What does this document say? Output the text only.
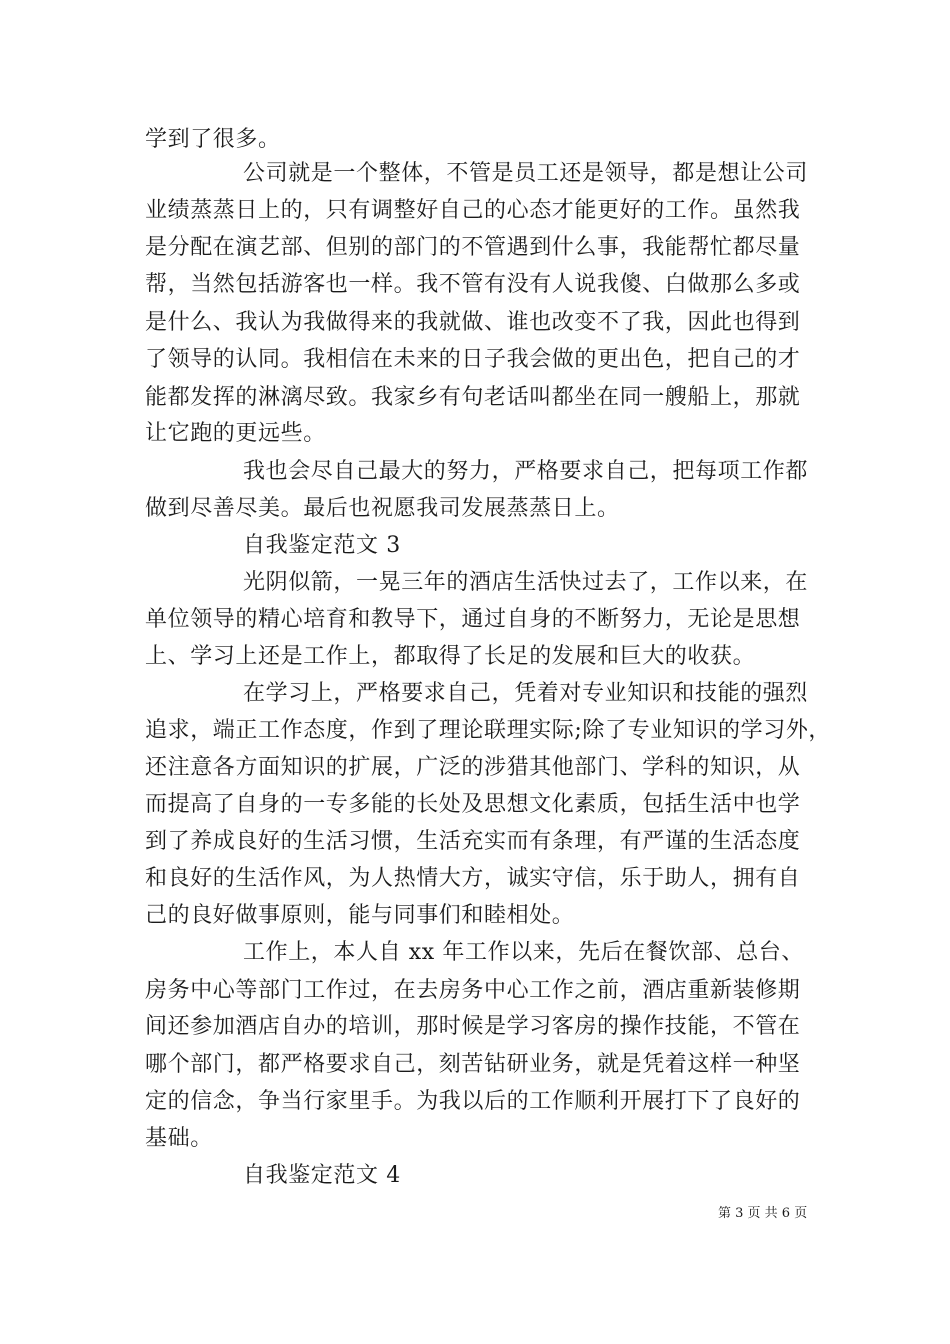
学到了很多。
公司就是一个整体，不管是员工还是领导，都是想让公司
业绩蒸蒸日上的，只有调整好自己的心态才能更好的工作。虽然我
是分配在演艺部、但别的部门的不管遇到什么事，我能帮忙都尽量
帮，当然包括游客也一样。我不管有没有人说我傻、白做那么多或
是什么、我认为我做得来的我就做、谁也改变不了我，因此也得到
了领导的认同。我相信在未来的日子我会做的更出色，把自己的才
能都发挥的淋漓尽致。我家乡有句老话叫都坐在同一艘船上，那就
让它跑的更远些。
我也会尽自己最大的努力，严格要求自己，把每项工作都
做到尽善尽美。最后也祝愿我司发展蒸蒸日上。
自我鉴定范文 3
光阴似箭，一晃三年的酒店生活快过去了，工作以来，在
单位领导的精心培育和教导下，通过自身的不断努力，无论是思想
上、学习上还是工作上，都取得了长足的发展和巨大的收获。
在学习上，严格要求自己，凭着对专业知识和技能的强烈
追求，端正工作态度，作到了理论联理实际;除了专业知识的学习外，
还注意各方面知识的扩展，广泛的涉猎其他部门、学科的知识，从
而提高了自身的一专多能的长处及思想文化素质，包括生活中也学
到了养成良好的生活习惯，生活充实而有条理，有严谨的生活态度
和良好的生活作风，为人热情大方，诚实守信，乐于助人，拥有自
己的良好做事原则，能与同事们和睦相处。
工作上，本人自 xx 年工作以来，先后在餐饮部、总台、
房务中心等部门工作过，在去房务中心工作之前，酒店重新装修期
间还参加酒店自办的培训，那时候是学习客房的操作技能，不管在
哪个部门，都严格要求自己，刻苦钻研业务，就是凭着这样一种坚
定的信念，争当行家里手。为我以后的工作顺利开展打下了良好的
基础。
自我鉴定范文 4
第 3 页 共 6 页
